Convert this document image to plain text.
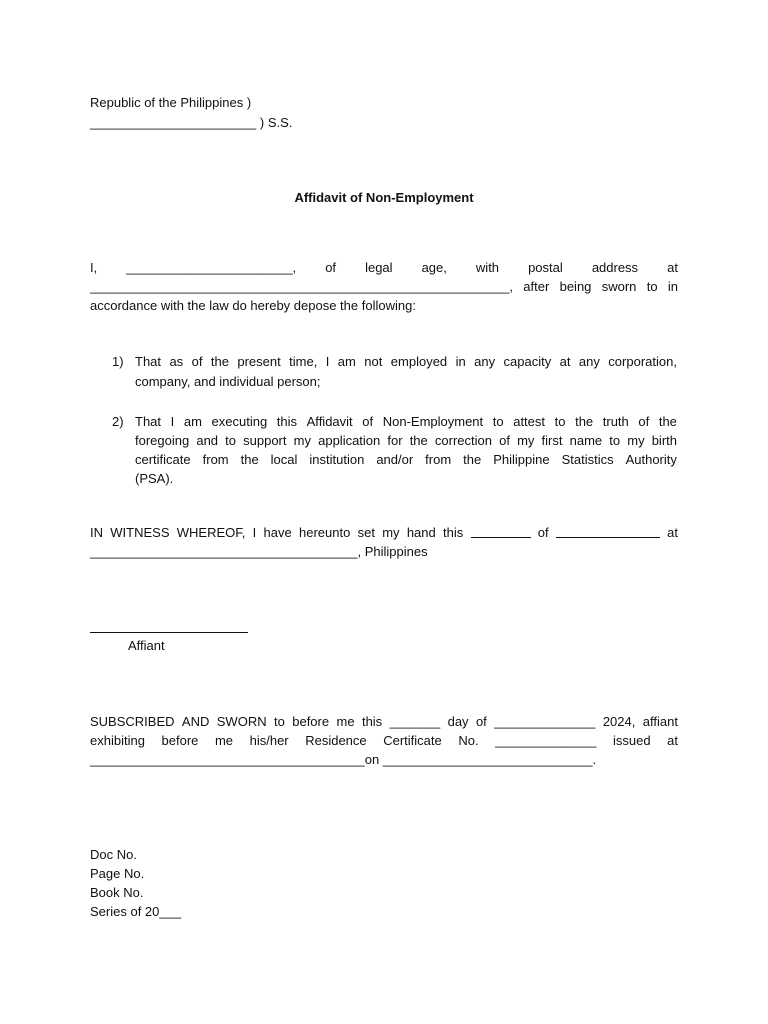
Republic of the Philippines )
_______________________ ) S.S.
Affidavit of Non-Employment
I, _______________________, of legal age, with postal address at
__________________________________________________________, after being sworn to in
accordance with the law do hereby depose the following:
1) That as of the present time, I am not employed in any capacity at any corporation,
company, and individual person;
2) That I am executing this Affidavit of Non-Employment to attest to the truth of the
foregoing and to support my application for the correction of my first name to my birth
certificate from the local institution and/or from the Philippine Statistics Authority
(PSA).
IN WITNESS WHEREOF, I have hereunto set my hand this	of	at
_____________________________________, Philippines
Affiant
SUBSCRIBED AND SWORN to before me this _______ day of ______________ 2024, affiant
exhibiting before me his/her Residence Certificate No. ______________ issued at
______________________________________on _____________________________.
Doc No.
Page No.
Book No.
Series of 20___
